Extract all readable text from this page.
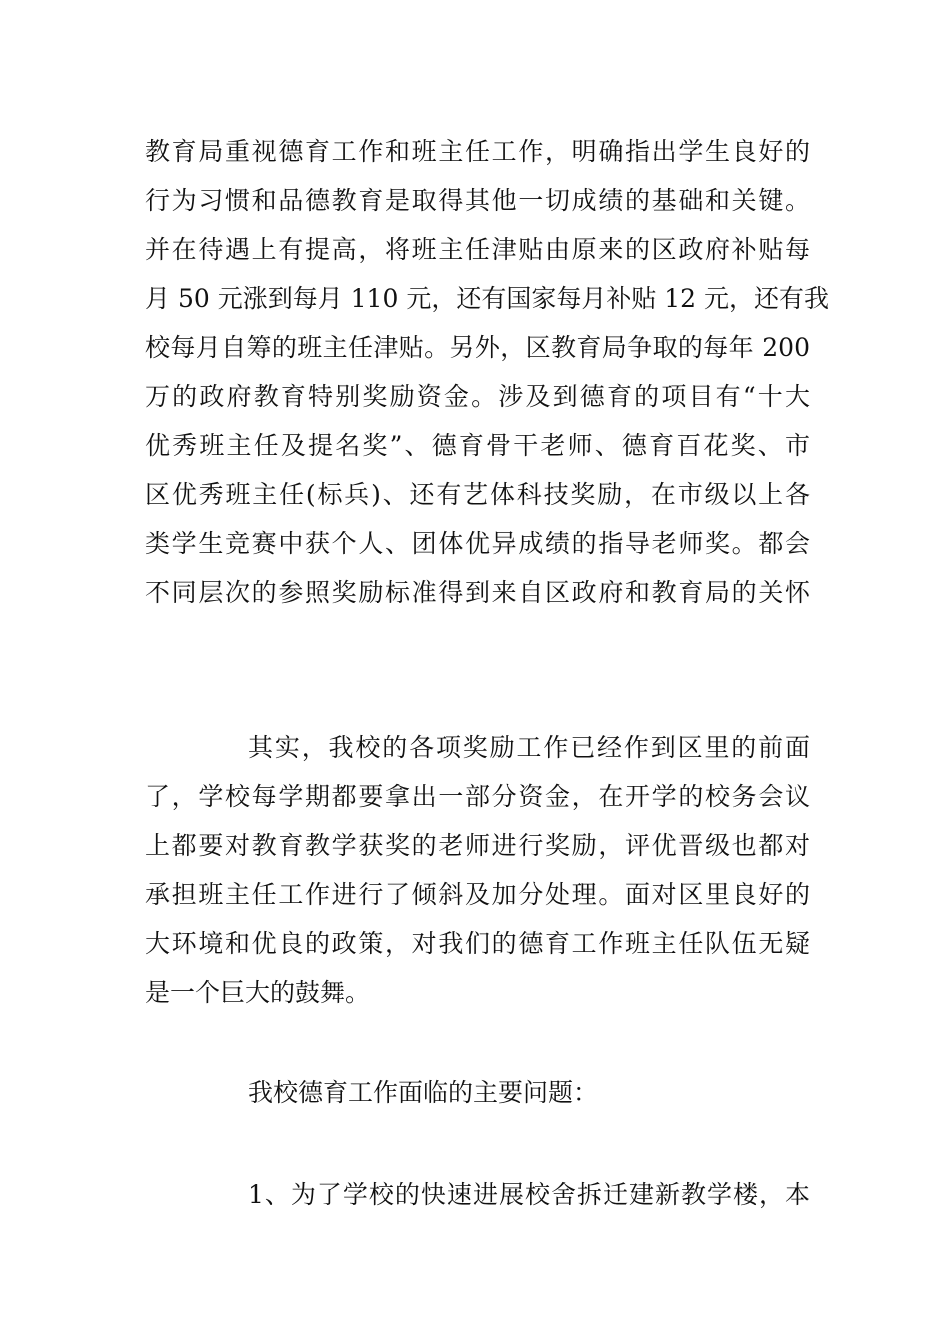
教育局重视德育工作和班主任工作，明确指出学生良好的
行为习惯和品德教育是取得其他一切成绩的基础和关键。
并在待遇上有提高，将班主任津贴由原来的区政府补贴每
月 50 元涨到每月 110 元，还有国家每月补贴 12 元，还有我
校每月自筹的班主任津贴。另外，区教育局争取的每年 200
万的政府教育特别奖励资金。涉及到德育的项目有“十大
优秀班主任及提名奖”、德育骨干老师、德育百花奖、市
区优秀班主任(标兵)、还有艺体科技奖励，在市级以上各
类学生竞赛中获个人、团体优异成绩的指导老师奖。都会
不同层次的参照奖励标准得到来自区政府和教育局的关怀
其实，我校的各项奖励工作已经作到区里的前面
了，学校每学期都要拿出一部分资金，在开学的校务会议
上都要对教育教学获奖的老师进行奖励，评优晋级也都对
承担班主任工作进行了倾斜及加分处理。面对区里良好的
大环境和优良的政策，对我们的德育工作班主任队伍无疑
是一个巨大的鼓舞。
我校德育工作面临的主要问题：
1、为了学校的快速进展校舍拆迁建新教学楼，本
